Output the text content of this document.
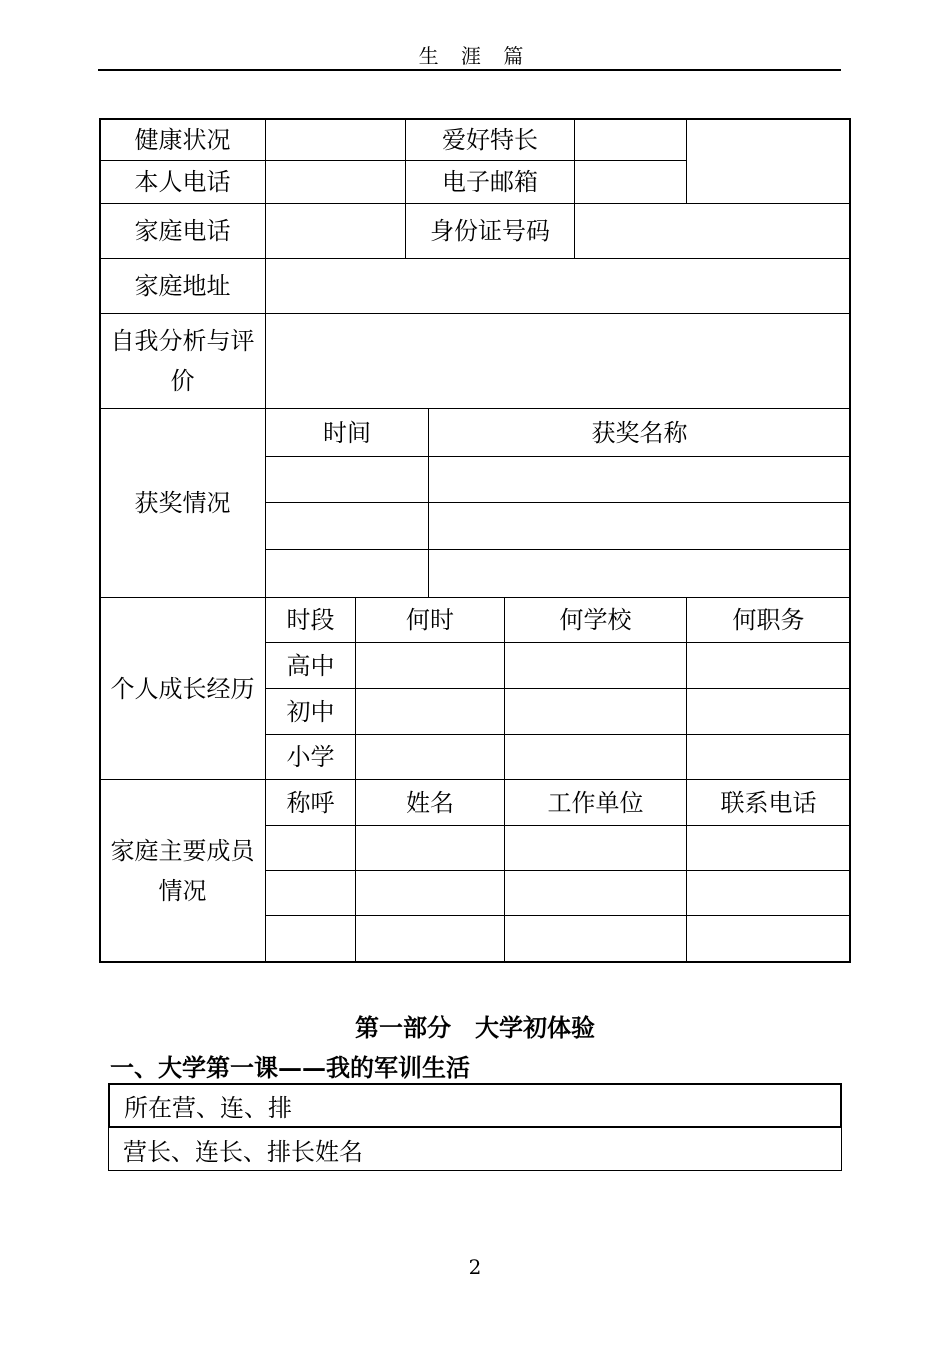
生 涯 篇
健康状况	爱好特长
本人电话	电子邮箱
家庭电话	身份证号码
家庭地址
自我分析与评价
获奖情况
时间	获奖名称
个人成长经历
时段	何时	何学校	何职务
高中
初中
小学
家庭主要成员情况
称呼	姓名	工作单位	联系电话
第一部分　大学初体验
一、大学第一课——我的军训生活
所在营、连、排
营长、连长、排长姓名
2
